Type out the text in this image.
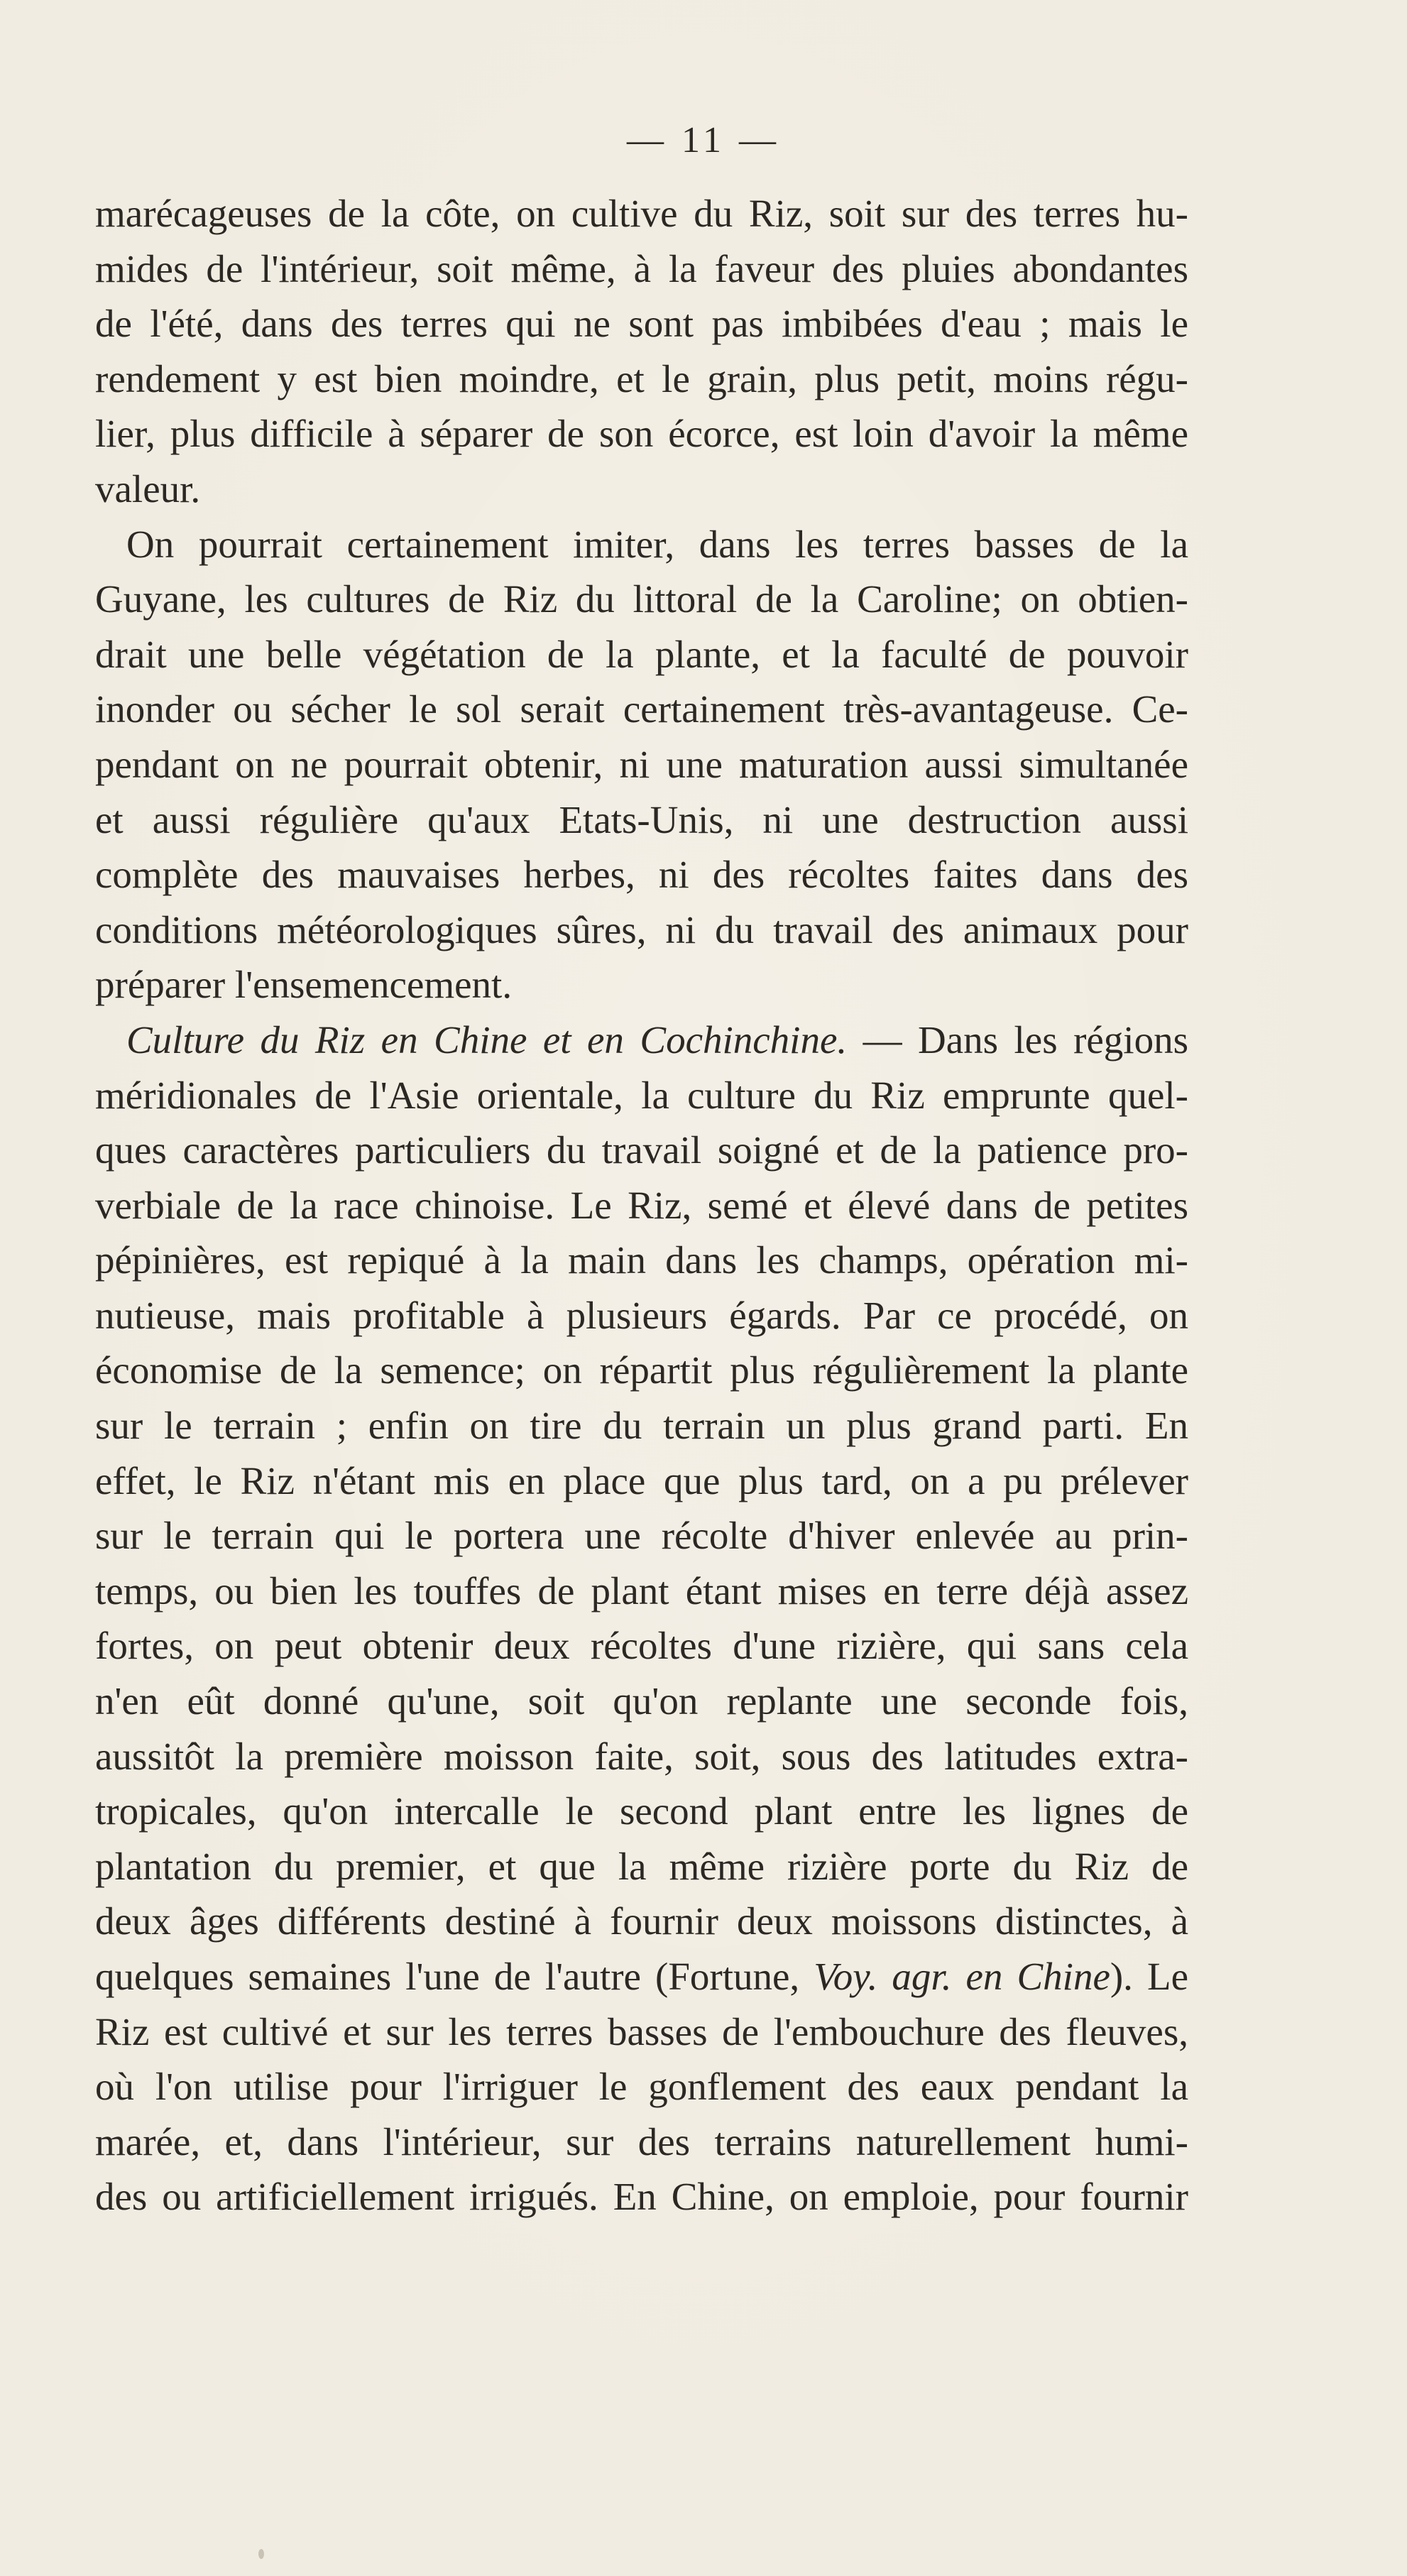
— 11 —
marécageuses de la côte, on cultive du Riz, soit sur des terres hu-
mides de l'intérieur, soit même, à la faveur des pluies abondantes
de l'été, dans des terres qui ne sont pas imbibées d'eau ; mais le
rendement y est bien moindre, et le grain, plus petit, moins régu-
lier, plus difficile à séparer de son écorce, est loin d'avoir la même
valeur.
On pourrait certainement imiter, dans les terres basses de la
Guyane, les cultures de Riz du littoral de la Caroline; on obtien-
drait une belle végétation de la plante, et la faculté de pouvoir
inonder ou sécher le sol serait certainement très-avantageuse. Ce-
pendant on ne pourrait obtenir, ni une maturation aussi simultanée
et aussi régulière qu'aux Etats-Unis, ni une destruction aussi
complète des mauvaises herbes, ni des récoltes faites dans des
conditions météorologiques sûres, ni du travail des animaux pour
préparer l'ensemencement.
Culture du Riz en Chine et en Cochinchine. — Dans les régions
méridionales de l'Asie orientale, la culture du Riz emprunte quel-
ques caractères particuliers du travail soigné et de la patience pro-
verbiale de la race chinoise. Le Riz, semé et élevé dans de petites
pépinières, est repiqué à la main dans les champs, opération mi-
nutieuse, mais profitable à plusieurs égards. Par ce procédé, on
économise de la semence; on répartit plus régulièrement la plante
sur le terrain ; enfin on tire du terrain un plus grand parti. En
effet, le Riz n'étant mis en place que plus tard, on a pu prélever
sur le terrain qui le portera une récolte d'hiver enlevée au prin-
temps, ou bien les touffes de plant étant mises en terre déjà assez
fortes, on peut obtenir deux récoltes d'une rizière, qui sans cela
n'en eût donné qu'une, soit qu'on replante une seconde fois,
aussitôt la première moisson faite, soit, sous des latitudes extra-
tropicales, qu'on intercalle le second plant entre les lignes de
plantation du premier, et que la même rizière porte du Riz de
deux âges différents destiné à fournir deux moissons distinctes, à
quelques semaines l'une de l'autre (Fortune, Voy. agr. en Chine). Le
Riz est cultivé et sur les terres basses de l'embouchure des fleuves,
où l'on utilise pour l'irriguer le gonflement des eaux pendant la
marée, et, dans l'intérieur, sur des terrains naturellement humi-
des ou artificiellement irrigués. En Chine, on emploie, pour fournir
